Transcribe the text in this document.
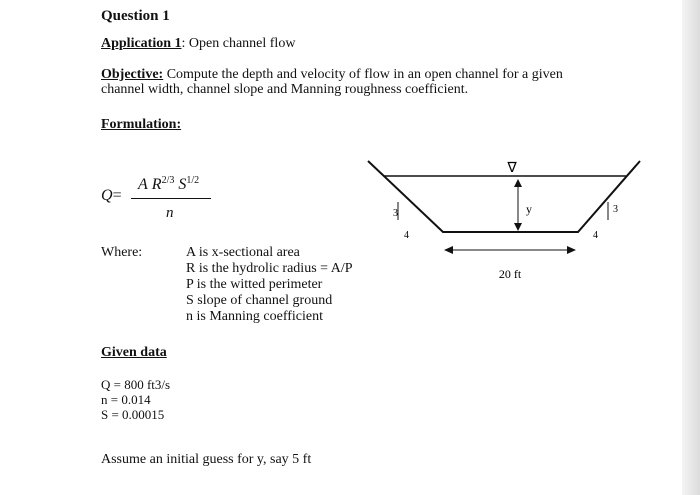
Question 1
Application 1: Open channel flow
Objective: Compute the depth and velocity of flow in an open channel for a given
channel width, channel slope and Manning roughness coefficient.
Formulation:
Q=
A $R^{2/3}$ $S^{1/2}$
n
∇
y
3
4
3
4
20 ft
Where:	A is x-sectional area
R is the hydrolic radius = A/P
P is the witted perimeter
S slope of channel ground
n is Manning coefficient
Given data
Q = 800 ft3/s
n = 0.014
S = 0.00015
Assume an initial guess for y, say 5 ft
